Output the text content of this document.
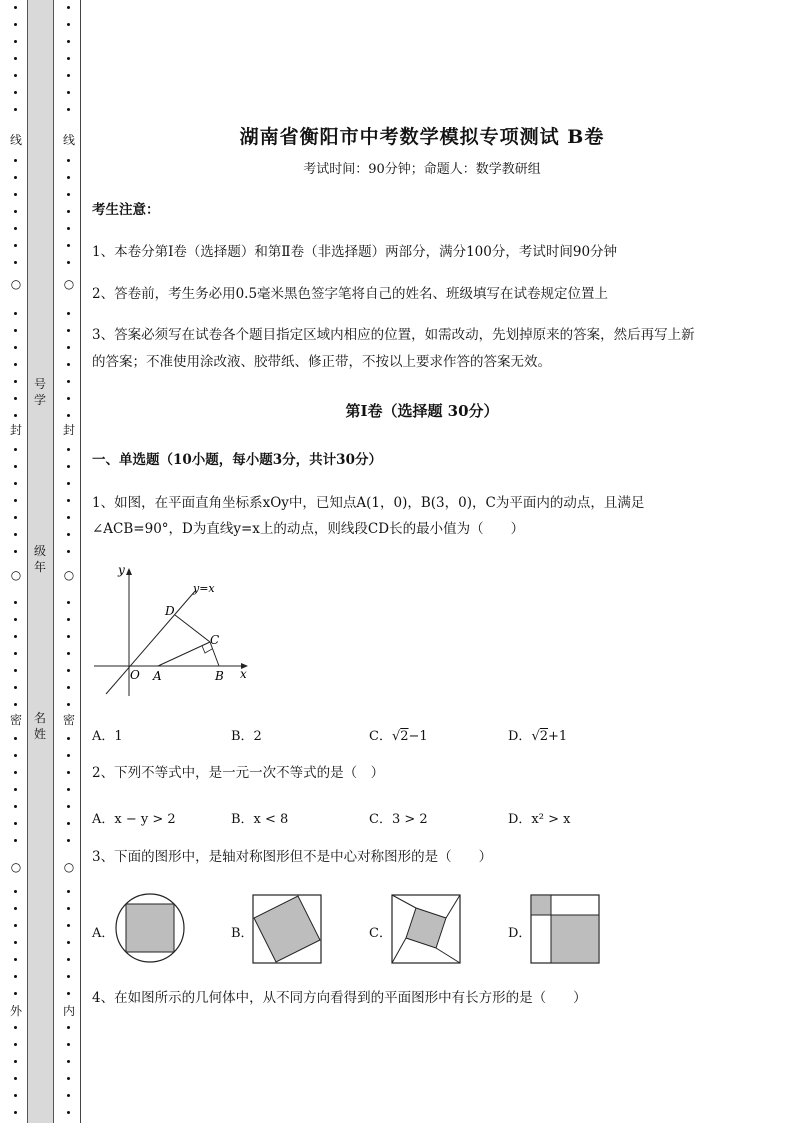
线
○
封
○
密
○
外
线
○
封
○
密
○
内
号
学
级
年
名
姓
湖南省衡阳市中考数学模拟专项测试 B卷
考试时间：90分钟；命题人：数学教研组
考生注意：
1、本卷分第I卷（选择题）和第Ⅱ卷（非选择题）两部分，满分100分，考试时间90分钟
2、答卷前，考生务必用0.5毫米黑色签字笔将自己的姓名、班级填写在试卷规定位置上
3、答案必须写在试卷各个题目指定区域内相应的位置，如需改动，先划掉原来的答案，然后再写上新
的答案；不准使用涂改液、胶带纸、修正带，不按以上要求作答的答案无效。
第I卷（选择题 30分）
一、单选题（10小题，每小题3分，共计30分）
1、如图，在平面直角坐标系xOy中，已知点A(1，0)，B(3，0)，C为平面内的动点，且满足
∠ACB=90°，D为直线y=x上的动点，则线段CD长的最小值为（　　）
y
y=x
D
C
O A	B x
A．1	B．2	C．√2−1	D．√2+1
2、下列不等式中，是一元一次不等式的是（　）
A．x − y > 2	B．x < 8	C．3 > 2	D．x² > x
3、下面的图形中，是轴对称图形但不是中心对称图形的是（　　）
A．	B．	C．	D．
4、在如图所示的几何体中，从不同方向看得到的平面图形中有长方形的是（　　）
